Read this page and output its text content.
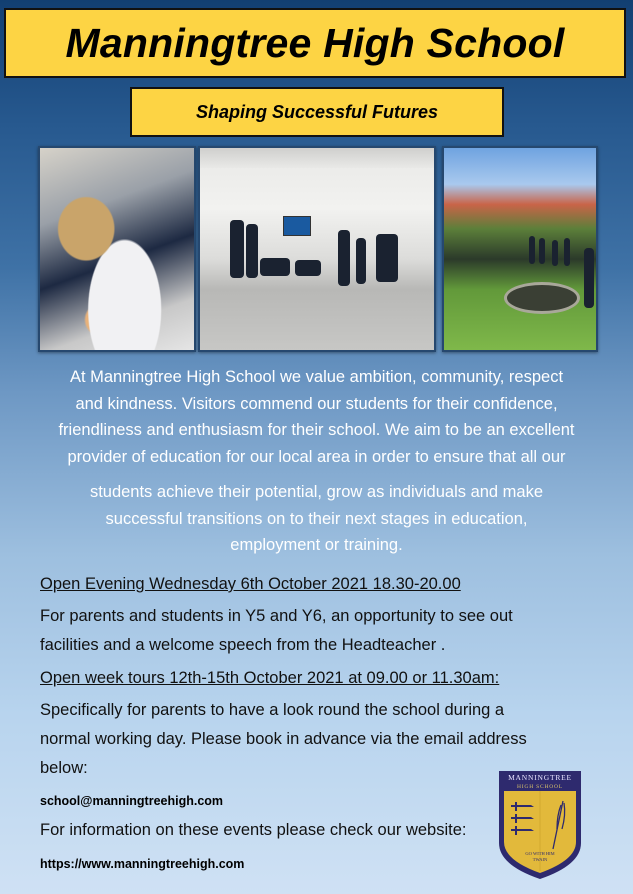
Manningtree High School
Shaping Successful Futures

At Manningtree High School we value ambition, community, respect
and kindness. Visitors commend our students for their confidence,
friendliness and enthusiasm for their school. We aim to be an excellent
provider of education for our local area in order to ensure that all our

students achieve their potential, grow as individuals and make
successful transitions on to their next stages in education,
employment or training.

Open Evening Wednesday 6th October 2021 18.30-20.00
For parents and students in Y5 and Y6, an opportunity to see out
facilities and a welcome speech from the Headteacher .
Open week tours 12th-15th October 2021 at 09.00 or 11.30am:
Specifically for parents to have a look round the school during a
normal working day. Please book in advance via the email address
below:
school@manningtreehigh.com
For information on these events please check our website:
https://www.manningtreehigh.com
MANNINGTREE
HIGH SCHOOL
GO WITH HIM
TWAIN
